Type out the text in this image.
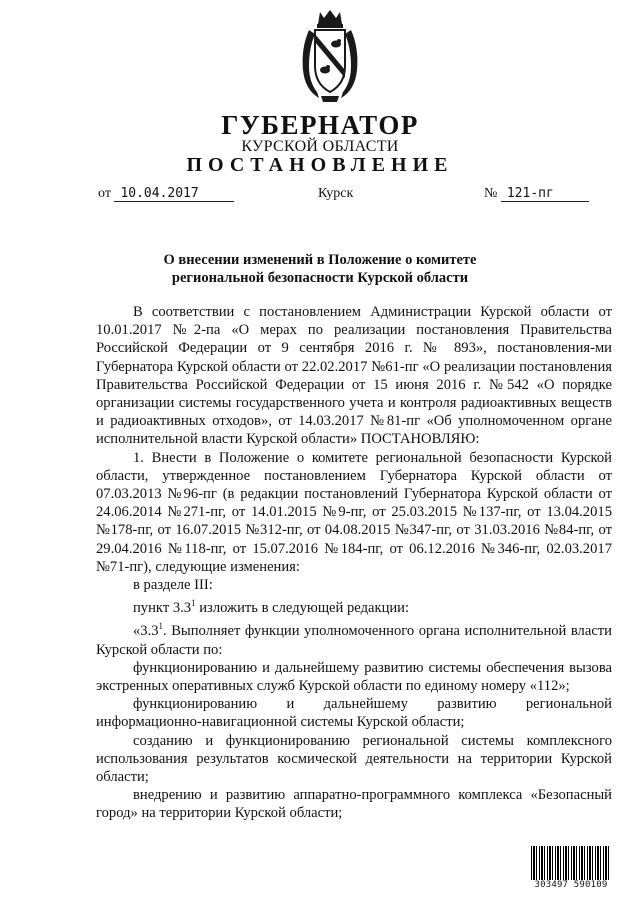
ГУБЕРНАТОР
КУРСКОЙ ОБЛАСТИ
ПОСТАНОВЛЕНИЕ
от 10.04.2017	Курск	№ 121-пг
О внесении изменений в Положение о комитете
региональной безопасности Курской области

В соответствии с постановлением Администрации Курской области от 10.01.2017 №2-па «О мерах по реализации постановления Правительства Российской Федерации от 9 сентября 2016 г. № 893», постановления-ми Губернатора Курской области от 22.02.2017 №61-пг «О реализации постановления Правительства Российской Федерации от 15 июня 2016 г. №542 «О порядке организации системы государственного учета и контроля радиоактивных веществ и радиоактивных отходов», от 14.03.2017 №81-пг «Об уполномоченном органе исполнительной власти Курской области» ПОСТАНОВЛЯЮ:

1. Внести в Положение о комитете региональной безопасности Курской области, утвержденное постановлением Губернатора Курской области от 07.03.2013 №96-пг (в редакции постановлений Губернатора Курской области от 24.06.2014 №271-пг, от 14.01.2015 №9-пг, от 25.03.2015 №137-пг, от 13.04.2015 №178-пг, от 16.07.2015 №312-пг, от 04.08.2015 №347-пг, от 31.03.2016 №84-пг, от 29.04.2016 №118-пг, от 15.07.2016 №184-пг, от 06.12.2016 №346-пг, 02.03.2017 №71-пг), следующие изменения:

в разделе III:

пункт $3.3^1$ изложить в следующей редакции:

«$3.3^1$. Выполняет функции уполномоченного органа исполнительной власти Курской области по:

функционированию и дальнейшему развитию системы обеспечения вызова экстренных оперативных служб Курской области по единому номеру «112»;

функционированию и дальнейшему развитию региональной информационно-навигационной системы Курской области;

созданию и функционированию региональной системы комплексного использования результатов космической деятельности на территории Курской области;

внедрению и развитию аппаратно-программного комплекса «Безопасный город» на территории Курской области;

303497 590109
